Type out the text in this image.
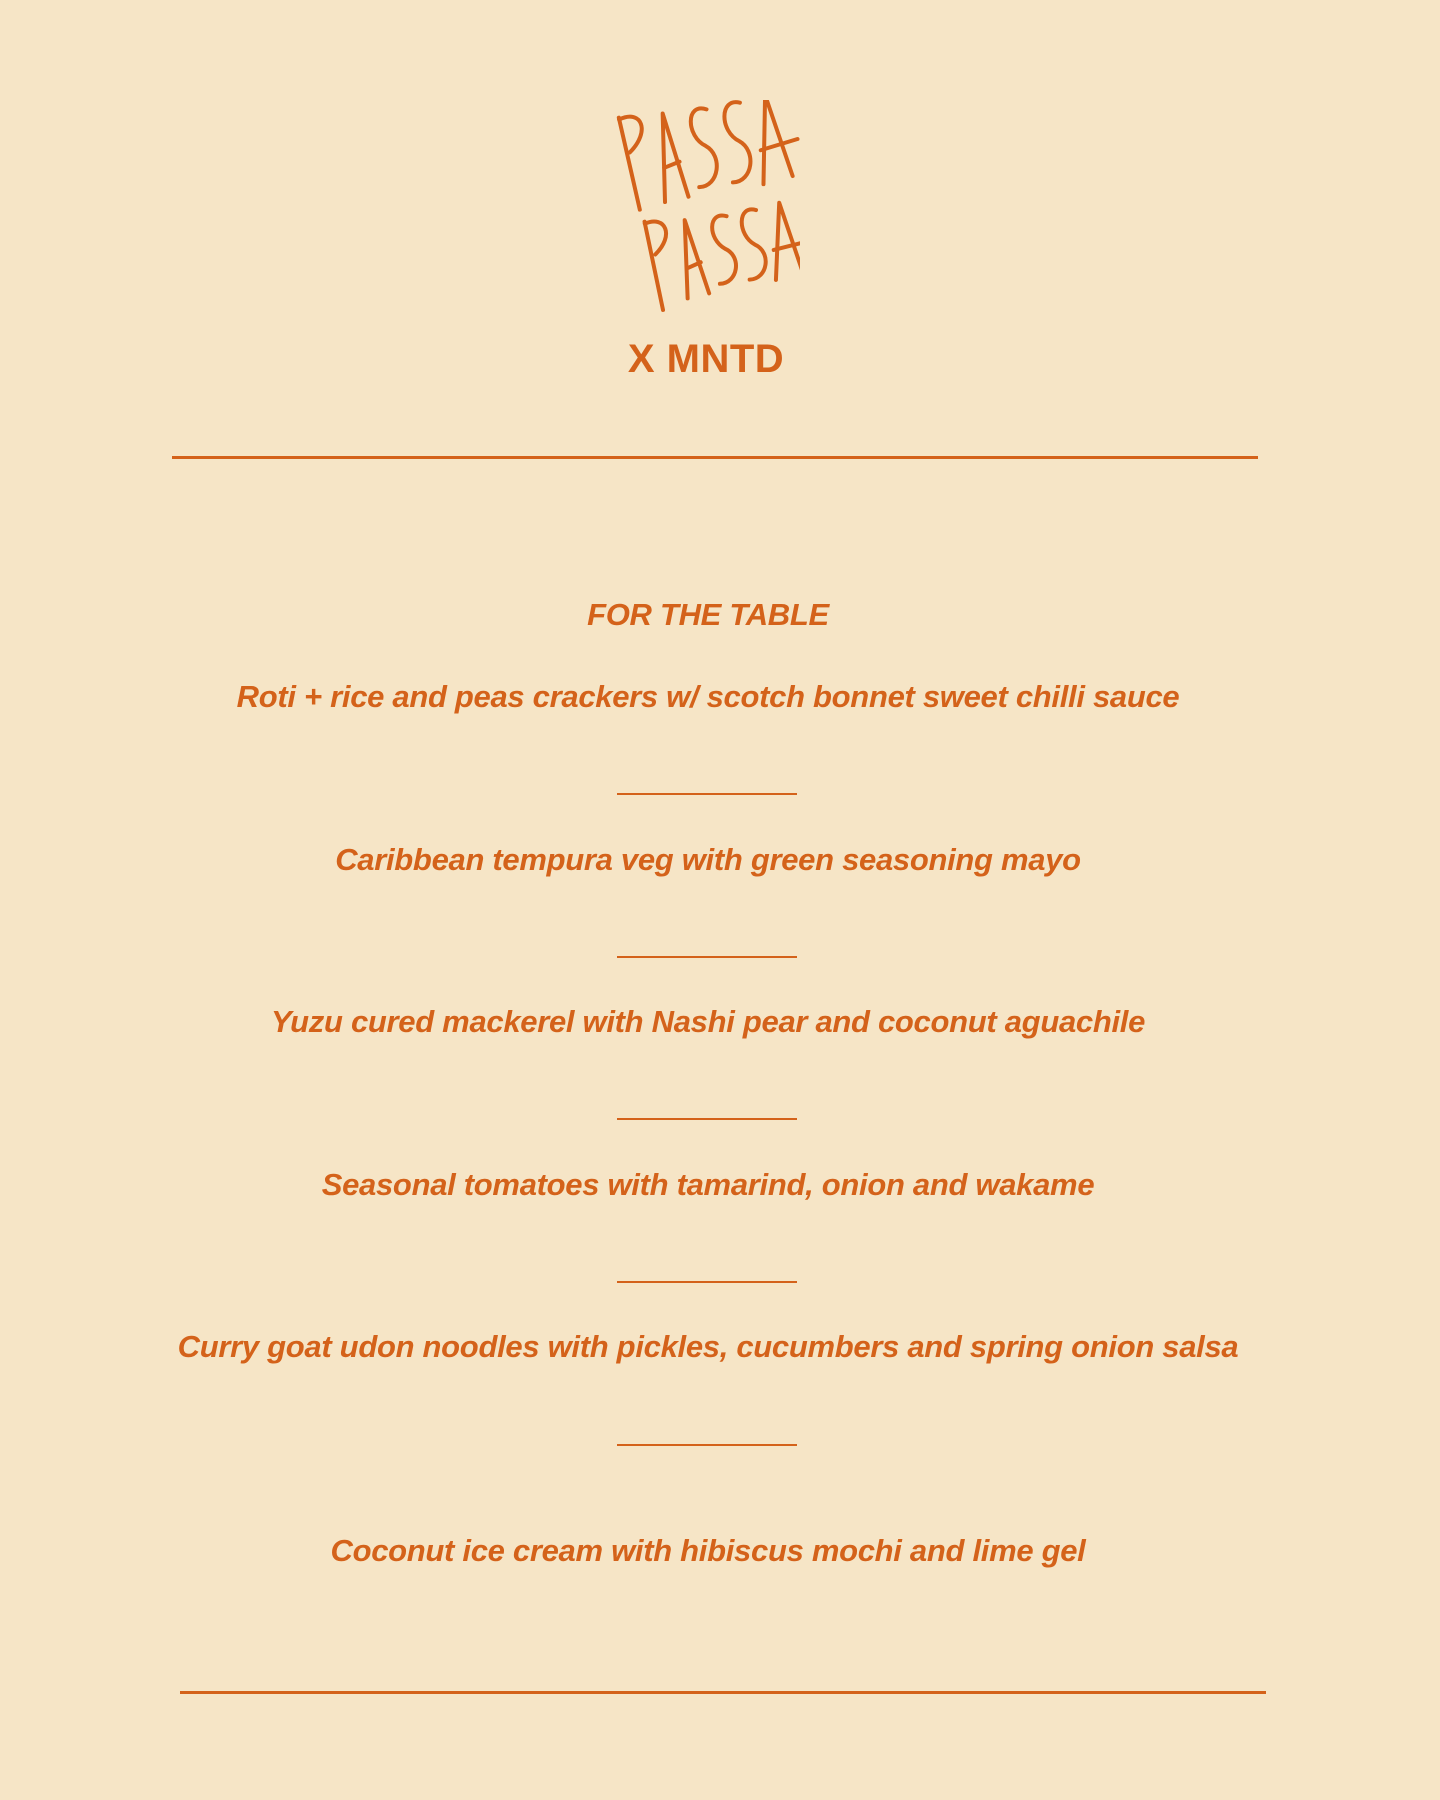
X MNTD
FOR THE TABLE
Roti + rice and peas crackers w/ scotch bonnet sweet chilli sauce
Caribbean tempura veg with green seasoning mayo
Yuzu cured mackerel with Nashi pear and coconut aguachile
Seasonal tomatoes with tamarind, onion and wakame
Curry goat udon noodles with pickles, cucumbers and spring onion salsa
Coconut ice cream with hibiscus mochi and lime gel
